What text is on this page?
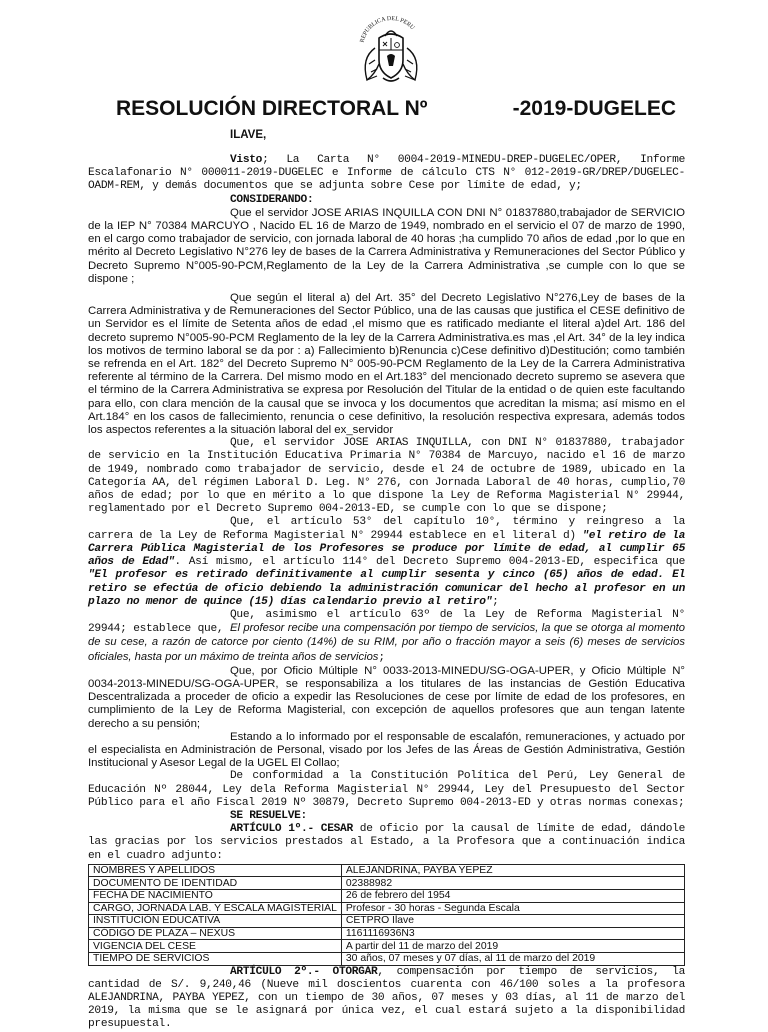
REPUBLICA DEL PERU
RESOLUCIÓN DIRECTORAL Nº	-2019-DUGELEC
ILAVE,

Visto; La Carta N° 0004-2019-MINEDU-DREP-DUGELEC/OPER, Informe Escalafonario N° 000011-2019-DUGELEC e Informe de cálculo CTS N° 012-2019-GR/DREP/DUGELEC-OADM-REM, y demás documentos que se adjunta sobre Cese por límite de edad, y;

CONSIDERANDO:

Que el servidor JOSE ARIAS INQUILLA CON DNI N° 01837880,trabajador de SERVICIO de la IEP N° 70384 MARCUYO , Nacido EL 16 de Marzo de 1949, nombrado en el servicio el 07 de marzo de 1990, en el cargo como trabajador de servicio, con jornada laboral de 40 horas ;ha cumplido 70 años de edad ,por lo que en mérito al Decreto Legislativo N°276 ley de bases de la Carrera Administrativa y Remuneraciones del Sector Público y Decreto Supremo N°005-90-PCM,Reglamento de la Ley de la Carrera Administrativa ,se cumple con lo que se dispone ;

Que según el literal a) del Art. 35° del Decreto Legislativo N°276,Ley de bases de la Carrera Administrativa y de Remuneraciones del Sector Público, una de las causas que justifica el CESE definitivo de un Servidor es el límite de Setenta años de edad ,el mismo que es ratificado mediante el literal a)del Art. 186 del decreto supremo N°005-90-PCM Reglamento de la ley de la Carrera Administrativa.es mas ,el Art. 34° de la ley indica los motivos de termino laboral se da por : a) Fallecimiento b)Renuncia c)Cese definitivo d)Destitución; como también se refrenda en el Art. 182° del Decreto Supremo N° 005-90-PCM Reglamento de la Ley de la Carrera Administrativa referente al término de la Carrera. Del mismo modo en el Art.183° del mencionado decreto supremo se asevera que el término de la Carrera Administrativa se expresa por Resolución del Titular de la entidad o de quien este facultando para ello, con clara mención de la causal que se invoca y los documentos que acreditan la misma; así mismo en el Art.184° en los casos de fallecimiento, renuncia o cese definitivo, la resolución respectiva expresara, además todos los aspectos referentes a la situación laboral del ex_servidor

Que, el servidor JOSE ARIAS INQUILLA, con DNI N° 01837880, trabajador de servicio en la Institución Educativa Primaria N° 70384 de Marcuyo, nacido el 16 de marzo de 1949, nombrado como trabajador de servicio, desde el 24 de octubre de 1989, ubicado en la Categoría AA, del régimen Laboral D. Leg. N° 276, con Jornada Laboral de 40 horas, cumplio,70 años de edad; por lo que en mérito a lo que dispone la Ley de Reforma Magisterial N° 29944, reglamentado por el Decreto Supremo 004-2013-ED, se cumple con lo que se dispone;

Que, el artículo 53° del capítulo 10°, término y reingreso a la carrera de la Ley de Reforma Magisterial N° 29944 establece en el literal d) "el retiro de la Carrera Pública Magisterial de los Profesores se produce por límite de edad, al cumplir 65 años de Edad". Así mismo, el artículo 114° del Decreto Supremo 004-2013-ED, especifica que "El profesor es retirado definitivamente al cumplir sesenta y cinco (65) años de edad. El retiro se efectúa de oficio debiendo la administración comunicar del hecho al profesor en un plazo no menor de quince (15) días calendario previo al retiro";

Que, asimismo el artículo 63º de la Ley de Reforma Magisterial N° 29944; establece que, El profesor recibe una compensación por tiempo de servicios, la que se otorga al momento de su cese, a razón de catorce por ciento (14%) de su RIM, por año o fracción mayor a seis (6) meses de servicios oficiales, hasta por un máximo de treinta años de servicios;

Que, por Oficio Múltiple N° 0033-2013-MINEDU/SG-OGA-UPER, y Oficio Múltiple N° 0034-2013-MINEDU/SG-OGA-UPER, se responsabiliza a los titulares de las instancias de Gestión Educativa Descentralizada a proceder de oficio a expedir las Resoluciones de cese por límite de edad de los profesores, en cumplimiento de la Ley de Reforma Magisterial, con excepción de aquellos profesores que aun tengan latente derecho a su pensión;

Estando a lo informado por el responsable de escalafón, remuneraciones, y actuado por el especialista en Administración de Personal, visado por los Jefes de las Áreas de Gestión Administrativa, Gestión Institucional y Asesor Legal de la UGEL El Collao;

De conformidad a la Constitución Política del Perú, Ley General de Educación Nº 28044, Ley dela Reforma Magisterial N° 29944, Ley del Presupuesto del Sector Público para el año Fiscal 2019 Nº 30879, Decreto Supremo 004-2013-ED y otras normas conexas;

SE RESUELVE:

ARTÍCULO 1º.- CESAR de oficio por la causal de límite de edad, dándole las gracias por los servicios prestados al Estado, a la Profesora que a continuación indica en el cuadro adjunto:

NOMBRES Y APELLIDOS	ALEJANDRINA, PAYBA YEPEZ
DOCUMENTO DE IDENTIDAD	02388982
FECHA DE NACIMIENTO	26 de febrero del 1954
CARGO, JORNADA LAB. Y ESCALA MAGISTERIAL	Profesor - 30 horas - Segunda Escala
INSTITUCIÓN EDUCATIVA	CETPRO Ilave
CÓDIGO DE PLAZA – NEXUS	1161116936N3
VIGENCIA DEL CESE	A partir del 11 de marzo del 2019
TIEMPO DE SERVICIOS	30 años, 07 meses y 07 días, al 11 de marzo del 2019

ARTÍCULO 2º.- OTORGAR, compensación por tiempo de servicios, la cantidad de S/. 9,240,46 (Nueve mil doscientos cuarenta con 46/100 soles a la profesora ALEJANDRINA, PAYBA YEPEZ, con un tiempo de 30 años, 07 meses y 03 días, al 11 de marzo del 2019, la misma que se le asignará por única vez, el cual estará sujeto a la disponibilidad presupuestal.
